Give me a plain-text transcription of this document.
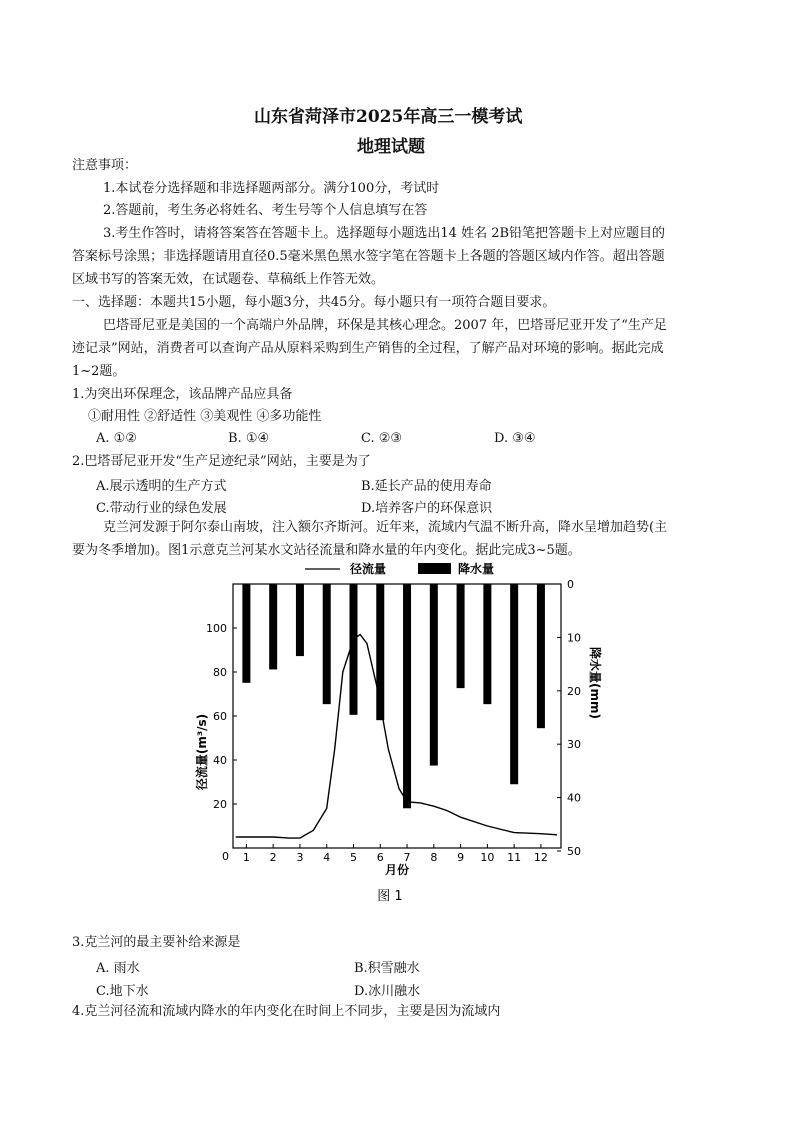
山东省菏泽市2025年高三一模考试
地理试题
注意事项：
1.本试卷分选择题和非选择题两部分。满分100分，考试时
2.答题前，考生务必将姓名、考生号等个人信息填写在答
3.考生作答时，请将答案答在答题卡上。选择题每小题选出14 姓名 2B铅笔把答题卡上对应题目的
答案标号涂黑；非选择题请用直径0.5毫米黑色黑水签字笔在答题卡上各题的答题区域内作答。超出答题
区域书写的答案无效，在试题卷、草稿纸上作答无效。
一、选择题：本题共15小题，每小题3分，共45分。每小题只有一项符合题目要求。
巴塔哥尼亚是美国的一个高端户外品牌，环保是其核心理念。2007 年，巴塔哥尼亚开发了“生产足
迹记录”网站，消费者可以查询产品从原料采购到生产销售的全过程，了解产品对环境的影响。据此完成
1~2题。
1.为突出环保理念，该品牌产品应具备
①耐用性 ②舒适性 ③美观性 ④多功能性
A. ①②	B. ①④	C. ②③	D. ③④
2.巴塔哥尼亚开发“生产足迹纪录”网站，主要是为了
A.展示透明的生产方式	B.延长产品的使用寿命
C.带动行业的绿色发展	D.培养客户的环保意识
克兰河发源于阿尔泰山南坡，注入额尔齐斯河。近年来，流域内气温不断升高，降水呈增加趋势(主
要为冬季增加)。图1示意克兰河某水文站径流量和降水量的年内变化。据此完成3~5题。
径流量	降水量
20
40
60
80
100
0
0
10
20
30
40
50
1 2 3 4 5 6 7 8 9 10 11 12
径流量(m³/s)
降水量(mm)
月份
图 1
3.克兰河的最主要补给来源是
A. 雨水	B.积雪融水
C.地下水	D.冰川融水
4.克兰河径流和流域内降水的年内变化在时间上不同步，主要是因为流域内
